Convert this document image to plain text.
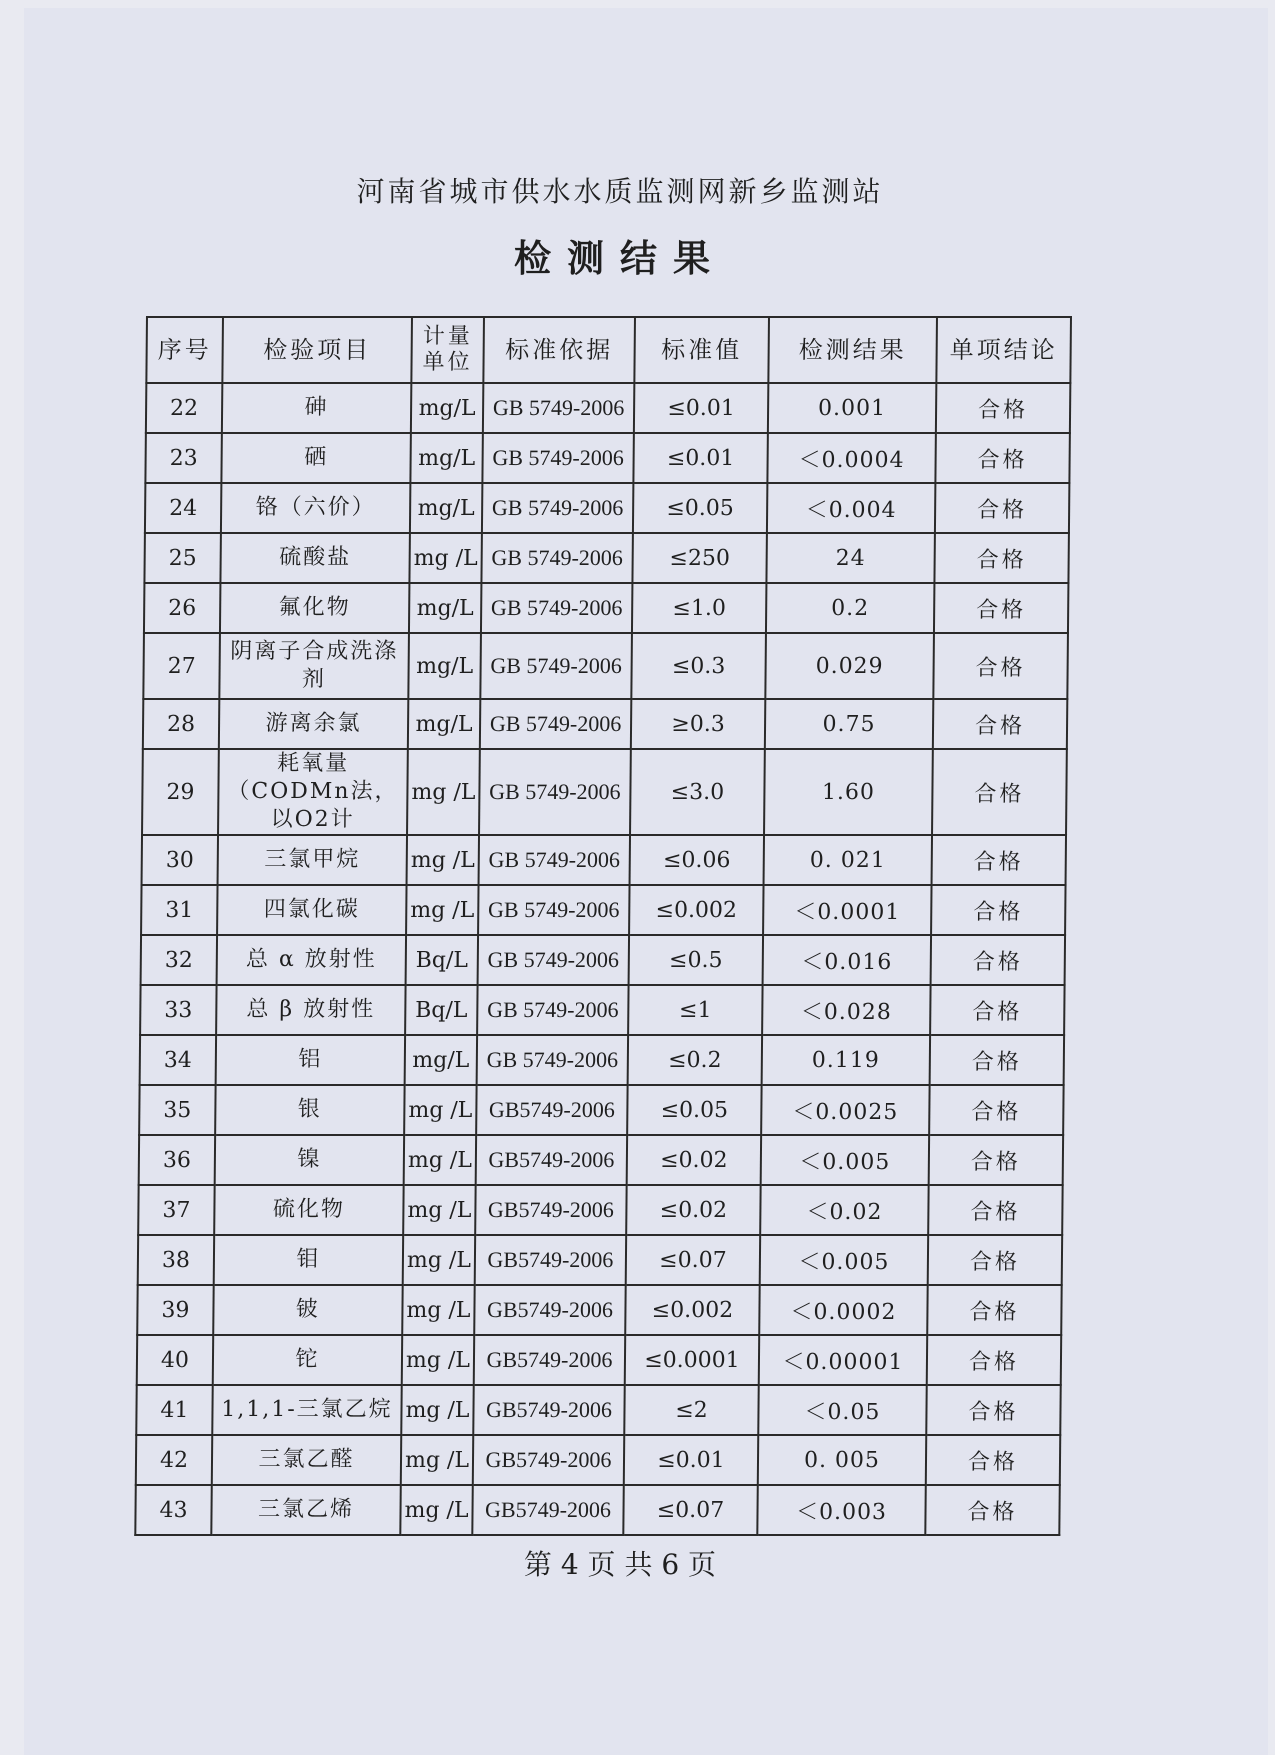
河南省城市供水水质监测网新乡监测站
检测结果
序号	检验项目	计量单位	标准依据	标准值	检测结果	单项结论
22	砷	mg/L	GB 5749-2006	≤0.01	0.001	合格
23	硒	mg/L	GB 5749-2006	≤0.01	＜0.0004	合格
24	铬（六价）	mg/L	GB 5749-2006	≤0.05	＜0.004	合格
25	硫酸盐	mg /L	GB 5749-2006	≤250	24	合格
26	氟化物	mg/L	GB 5749-2006	≤1.0	0.2	合格
27	阴离子合成洗涤剂	mg/L	GB 5749-2006	≤0.3	0.029	合格
28	游离余氯	mg/L	GB 5749-2006	≥0.3	0.75	合格
29	耗氧量（CODMn法，以O2计	mg /L	GB 5749-2006	≤3.0	1.60	合格
30	三氯甲烷	mg /L	GB 5749-2006	≤0.06	0. 021	合格
31	四氯化碳	mg /L	GB 5749-2006	≤0.002	＜0.0001	合格
32	总 α 放射性	Bq/L	GB 5749-2006	≤0.5	＜0.016	合格
33	总 β 放射性	Bq/L	GB 5749-2006	≤1	＜0.028	合格
34	铝	mg/L	GB 5749-2006	≤0.2	0.119	合格
35	银	mg /L	GB5749-2006	≤0.05	＜0.0025	合格
36	镍	mg /L	GB5749-2006	≤0.02	＜0.005	合格
37	硫化物	mg /L	GB5749-2006	≤0.02	＜0.02	合格
38	钼	mg /L	GB5749-2006	≤0.07	＜0.005	合格
39	铍	mg /L	GB5749-2006	≤0.002	＜0.0002	合格
40	铊	mg /L	GB5749-2006	≤0.0001	＜0.00001	合格
41	1,1,1-三氯乙烷	mg /L	GB5749-2006	≤2	＜0.05	合格
42	三氯乙醛	mg /L	GB5749-2006	≤0.01	0. 005	合格
43	三氯乙烯	mg /L	GB5749-2006	≤0.07	＜0.003	合格
第 4 页 共 6 页
